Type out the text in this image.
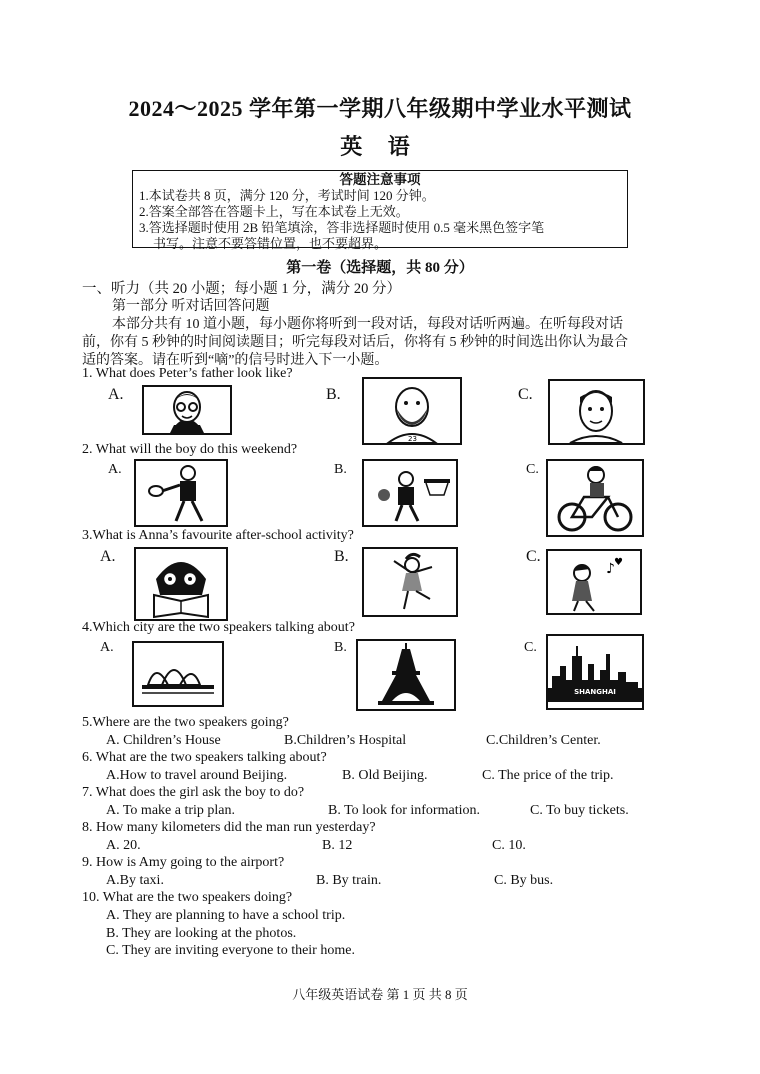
2024～2025 学年第一学期八年级期中学业水平测试
英 语
答题注意事项
1.本试卷共 8 页，满分 120 分，考试时间 120 分钟。
2.答案全部答在答题卡上，写在本试卷上无效。
3.答选择题时使用 2B 铅笔填涂，答非选择题时使用 0.5 毫米黑色签字笔
书写。注意不要答错位置，也不要超界。
第一卷（选择题，共 80 分）
一、听力（共 20 小题；每小题 1 分，满分 20 分）
第一部分 听对话回答问题
本部分共有 10 道小题，每小题你将听到一段对话，每段对话听两遍。在听每段对话
前，你有 5 秒钟的时间阅读题目；听完每段对话后，你将有 5 秒钟的时间选出你认为最合
适的答案。请在听到“嘀”的信号时进入下一小题。
1. What does Peter’s father look like?
A.	B.	C.
23
2. What will the boy do this weekend?
A.	B.	C.
3.What is Anna’s favourite after-school activity?
A.	B.	C.
♪ ♥
4.Which city are the two speakers talking about?
A.	B.	C.
SHANGHAI
5.Where are the two speakers going?
A. Children’s House	B.Children’s Hospital	C.Children’s Center.
6. What are the two speakers talking about?
A.How to travel around Beijing.	B. Old Beijing.	C. The price of the trip.
7. What does the girl ask the boy to do?
A. To make a trip plan.	B. To look for information.	C. To buy tickets.
8. How many kilometers did the man run yesterday?
A. 20.	B. 12	C. 10.
9. How is Amy going to the airport?
A.By taxi.	B. By train.	C. By bus.
10. What are the two speakers doing?
A. They are planning to have a school trip.
B. They are looking at the photos.
C. They are inviting everyone to their home.
八年级英语试卷 第 1 页 共 8 页
